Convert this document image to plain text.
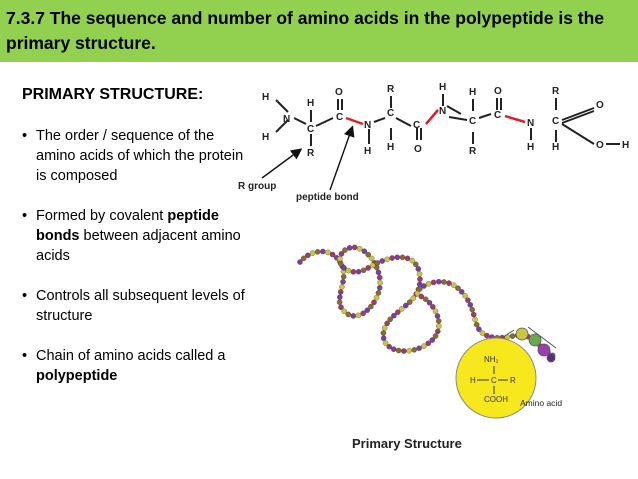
7.3.7 The sequence and number of amino acids in the polypeptide is the primary structure.
PRIMARY STRUCTURE:
• The order / sequence of the amino acids of which the protein is composed
• Formed by covalent peptide bonds between adjacent amino acids
• Controls all subsequent levels of structure
• Chain of amino acids called a polypeptide
H
H
N
H
C
R
O
C
N
H
R
C
H
C
O
H
N
H
C
R
O
C
N
H
R
C
H
O
O H
R group
peptide bond
NH₂
H C R
COOH Amino acid
Primary Structure
